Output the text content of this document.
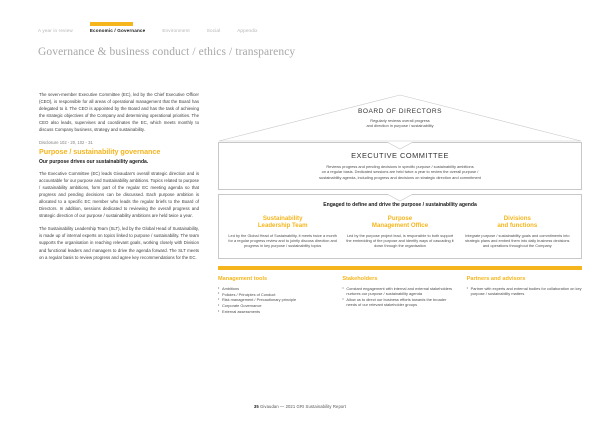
A year in review	Economic / Governance	Environment	Social	Appendix
Governance & business conduct / ethics / transparency

The seven-member Executive Committee (EC), led by the Chief Executive Officer (CEO), is responsible for all areas of operational management that the Board has delegated to it. The CEO is appointed by the Board and has the task of achieving the strategic objectives of the Company and determining operational priorities. The CEO also leads, supervises and coordinates the EC, which meets monthly to discuss Company business, strategy and sustainability.

Disclosure 102 - 20, 102 - 31
Purpose / sustainability governance
Our purpose drives our sustainability agenda.

The Executive Committee (EC) leads Givaudan's overall strategic direction and is accountable for our purpose and Sustainability ambitions. Topics related to purpose / sustainability ambitions, form part of the regular EC meeting agenda so that progress and pending decisions can be discussed. Each purpose ambition is allocated to a specific EC member who leads the regular briefs to the Board of Directors. In addition, sessions dedicated to reviewing the overall progress and strategic direction of our purpose / sustainability ambitions are held twice a year.

The Sustainability Leadership Team (SLT), led by the Global Head of Sustainability, is made up of internal experts on topics linked to purpose / sustainability. The team supports the organisation in reaching relevant goals, working closely with Division and functional leaders and managers to drive the agenda forward. The SLT meets on a regular basis to review progress and agree key recommendations for the EC.

BOARD OF DIRECTORS
Regularly reviews overall progress
and direction in purpose / sustainability
EXECUTIVE COMMITTEE
Reviews progress and pending decisions in specific purpose / sustainability ambitions
on a regular basis. Dedicated sessions are held twice a year to review the overall purpose /
sustainability agenda, including progress and decisions on strategic direction and commitment
Engaged to define and drive the purpose / sustainability agenda
Sustainability
Leadership Team
Led by the Global Head of Sustainability, it meets twice a month for a regular progress review and to jointly discuss direction and progress in key purpose / sustainability topics
Purpose
Management Office
Led by the purpose project lead, is responsible to both support the embedding of the purpose and identify ways of cascading it down through the organisation
Divisions
and functions
Integrate purpose / sustainability goals and commitments into strategic plans and embed them into daily business decisions and operations throughout the Company
Management tools
• Ambitions
• Policies / Principles of Conduct
• Risk management / Precautionary principle
• Corporate Governance
• External assessments
Stakeholders
• Constant engagement with internal and external stakeholders nurtures our purpose / sustainability agenda
• Allow us to direct our business efforts towards the broader needs of our relevant stakeholder groups
Partners and advisors
• Partner with experts and external bodies for collaboration on key purpose / sustainability matters
35 Givaudan — 2021 GRI Sustainability Report
